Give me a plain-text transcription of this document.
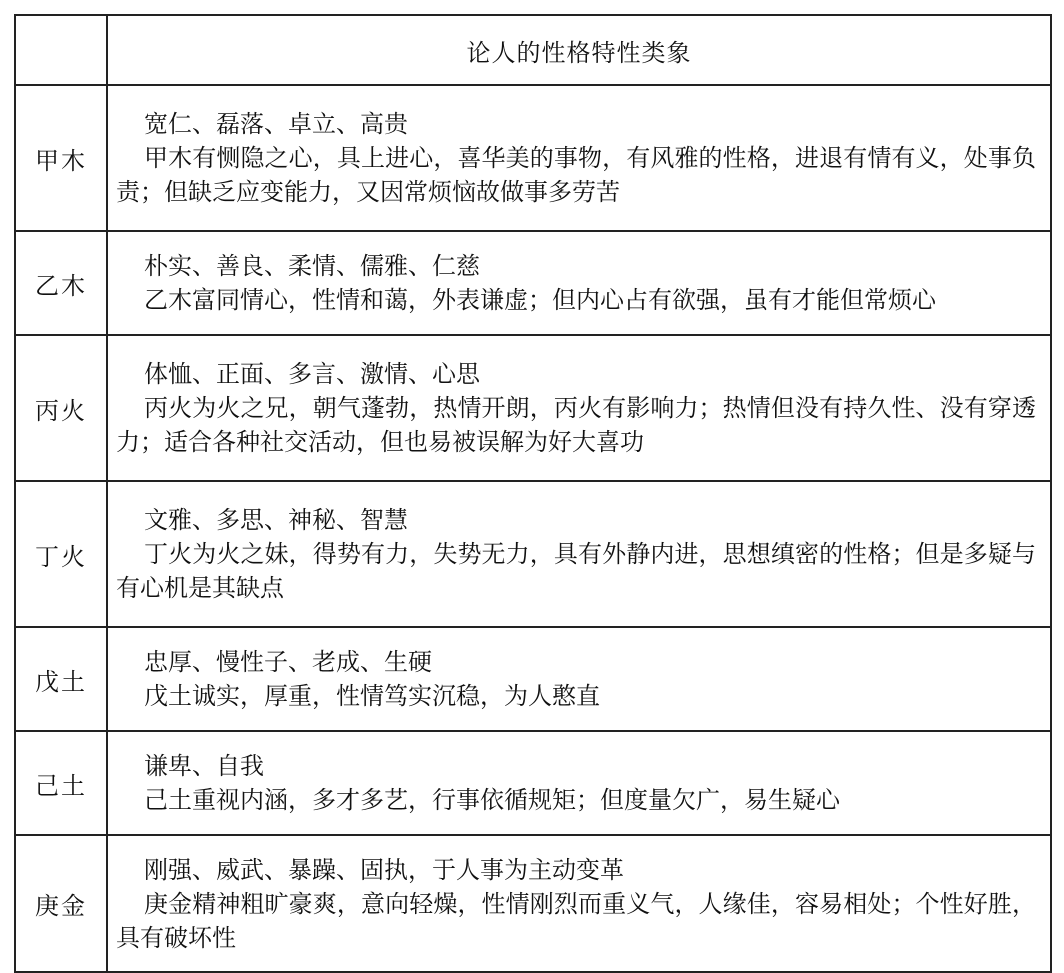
	论人的性格特性类象
甲木	宽仁、磊落、卓立、高贵
甲木有恻隐之心，具上进心，喜华美的事物，有风雅的性格，进退有情有义，处事负责；但缺乏应变能力，又因常烦恼故做事多劳苦

乙木	朴实、善良、柔情、儒雅、仁慈
乙木富同情心，性情和蔼，外表谦虚；但内心占有欲强，虽有才能但常烦心

丙火	体恤、正面、多言、激情、心思
丙火为火之兄，朝气蓬勃，热情开朗，丙火有影响力；热情但没有持久性、没有穿透力；适合各种社交活动，但也易被误解为好大喜功

丁火	文雅、多思、神秘、智慧
丁火为火之妹，得势有力，失势无力，具有外静内进，思想缜密的性格；但是多疑与有心机是其缺点

戊土	忠厚、慢性子、老成、生硬
戊土诚实，厚重，性情笃实沉稳，为人憨直

己土	谦卑、自我
己土重视内涵，多才多艺，行事依循规矩；但度量欠广，易生疑心

庚金	刚强、威武、暴躁、固执，于人事为主动变革
庚金精神粗旷豪爽，意向轻燥，性情刚烈而重义气，人缘佳，容易相处；个性好胜，具有破坏性
